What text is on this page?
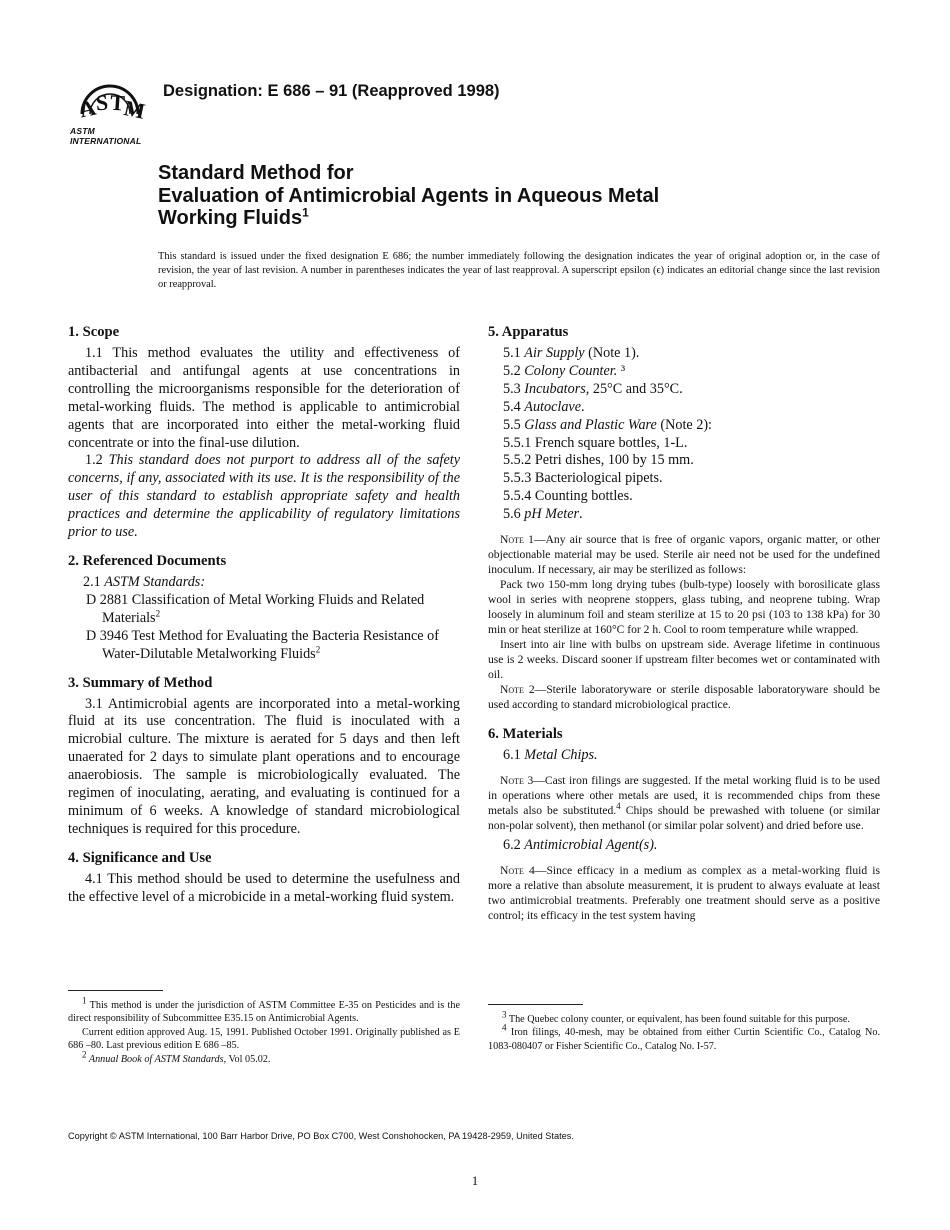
A
S T
M
ASTM INTERNATIONAL
Designation: E 686 – 91 (Reapproved 1998)
Standard Method for
Evaluation of Antimicrobial Agents in Aqueous Metal
Working Fluids$^1$
This standard is issued under the fixed designation E 686; the number immediately following the designation indicates the year of original adoption or, in the case of revision, the year of last revision. A number in parentheses indicates the year of last reapproval. A superscript epsilon (ϵ) indicates an editorial change since the last revision or reapproval.
1. Scope

1.1 This method evaluates the utility and effectiveness of antibacterial and antifungal agents at use concentrations in controlling the microorganisms responsible for the deterioration of metal-working fluids. The method is applicable to antimicrobial agents that are incorporated into either the metal-working fluid concentrate or into the final-use dilution.

1.2 This standard does not purport to address all of the safety concerns, if any, associated with its use. It is the responsibility of the user of this standard to establish appropriate safety and health practices and determine the applicability of regulatory limitations prior to use.

2. Referenced Documents

2.1 ASTM Standards:

D 2881 Classification of Metal Working Fluids and Related Materials$^2$

D 3946 Test Method for Evaluating the Bacteria Resistance of Water-Dilutable Metalworking Fluids$^2$

3. Summary of Method

3.1 Antimicrobial agents are incorporated into a metal-working fluid at its use concentration. The fluid is inoculated with a microbial culture. The mixture is aerated for 5 days and then left unaerated for 2 days to simulate plant operations and to encourage anaerobiosis. The sample is microbiologically evaluated. The regimen of inoculating, aerating, and evaluating is continued for a minimum of 6 weeks. A knowledge of standard microbiological techniques is required for this procedure.

4. Significance and Use

4.1 This method should be used to determine the usefulness and the effective level of a microbicide in a metal-working fluid system.

5. Apparatus

5.1 Air Supply (Note 1).

5.2 Colony Counter. ³

5.3 Incubators, 25°C and 35°C.

5.4 Autoclave.

5.5 Glass and Plastic Ware (Note 2):

5.5.1 French square bottles, 1-L.

5.5.2 Petri dishes, 100 by 15 mm.

5.5.3 Bacteriological pipets.

5.5.4 Counting bottles.

5.6 pH Meter.

Note 1—Any air source that is free of organic vapors, organic matter, or other objectionable material may be used. Sterile air need not be used for the undefined inoculum. If necessary, air may be sterilized as follows:

Pack two 150-mm long drying tubes (bulb-type) loosely with borosilicate glass wool in series with neoprene stoppers, glass tubing, and neoprene tubing. Wrap loosely in aluminum foil and steam sterilize at 15 to 20 psi (103 to 138 kPa) for 30 min or heat sterilize at 160°C for 2 h. Cool to room temperature while wrapped.

Insert into air line with bulbs on upstream side. Average lifetime in continuous use is 2 weeks. Discard sooner if upstream filter becomes wet or contaminated with oil.

Note 2—Sterile laboratoryware or sterile disposable laboratoryware should be used according to standard microbiological practice.

6. Materials

6.1 Metal Chips.

Note 3—Cast iron filings are suggested. If the metal working fluid is to be used in operations where other metals are used, it is recommended chips from these metals also be substituted.$^4$ Chips should be prewashed with toluene (or similar non-polar solvent), then methanol (or similar polar solvent) and dried before use.

6.2 Antimicrobial Agent(s).

Note 4—Since efficacy in a medium as complex as a metal-working fluid is more a relative than absolute measurement, it is prudent to always evaluate at least two antimicrobial treatments. Preferably one treatment should serve as a positive control; its efficacy in the test system having

$^1$ This method is under the jurisdiction of ASTM Committee E-35 on Pesticides and is the direct responsibility of Subcommittee E35.15 on Antimicrobial Agents.

Current edition approved Aug. 15, 1991. Published October 1991. Originally published as E 686 –80. Last previous edition E 686 –85.

$^2$ Annual Book of ASTM Standards, Vol 05.02.

$^3$ The Quebec colony counter, or equivalent, has been found suitable for this purpose.

$^4$ Iron filings, 40-mesh, may be obtained from either Curtin Scientific Co., Catalog No. 1083-080407 or Fisher Scientific Co., Catalog No. I-57.

Copyright © ASTM International, 100 Barr Harbor Drive, PO Box C700, West Conshohocken, PA 19428-2959, United States.
1
